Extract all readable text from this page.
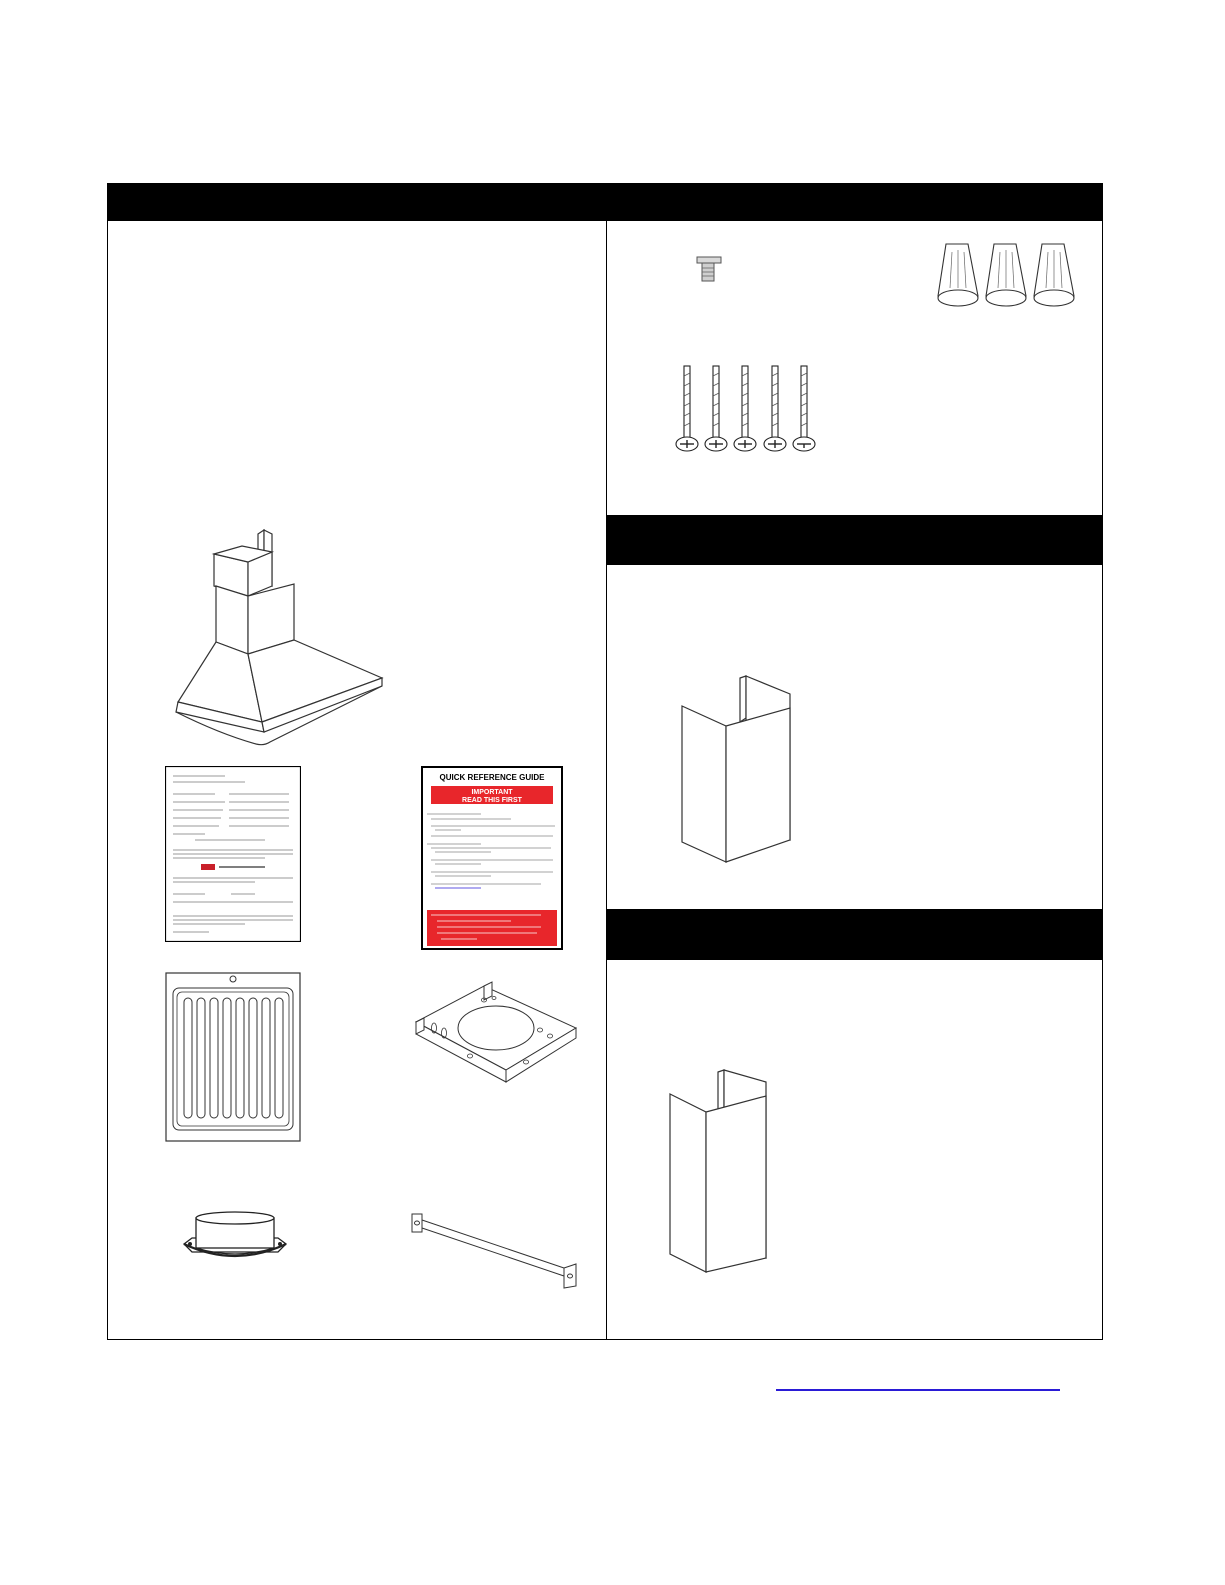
QUICK REFERENCE GUIDE
IMPORTANT
READ THIS FIRST
